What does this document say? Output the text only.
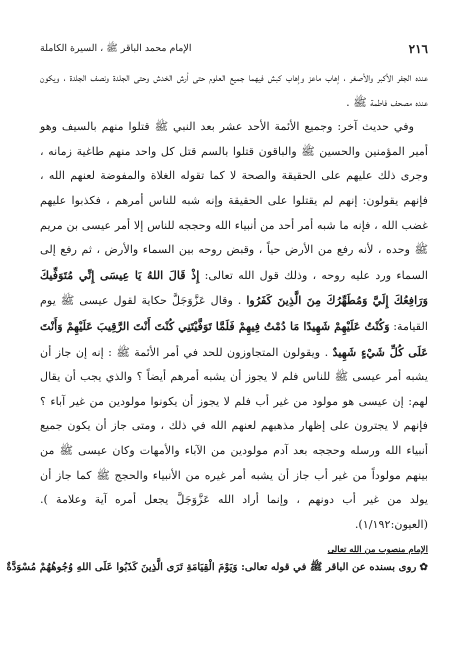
٢١٦
الإمام محمد الباقر ﷺ ، السيرة الكاملة

عنده الجفر الأكبر والأصغر ، إهاب ماعز وإهاب كبش فيهما جميع العلوم حتى أرش الخدش وحتى الجلدة ونصف الجلدة ، ويكون عنده مصحف فاطمة ﷺ .

وفي حديث آخر: وجميع الأئمة الأحد عشر بعد النبي ﷺ قتلوا منهم بالسيف وهو أمير المؤمنين والحسين ﷺ والباقون قتلوا بالسم قتل كل واحد منهم طاغية زمانه ، وجرى ذلك عليهم على الحقيقة والصحة لا كما تقوله الغلاة والمفوضة لعنهم الله ، فإنهم يقولون: إنهم لم يقتلوا على الحقيقة وإنه شبه للناس أمرهم ، فكذبوا عليهم غضب الله ، فإنه ما شبه أمر أحد من أنبياء الله وحججه للناس إلا أمر عيسى بن مريم ﷺ وحده ، لأنه رفع من الأرض حياً ، وقبض روحه بين السماء والأرض ، ثم رفع إلى السماء ورد عليه روحه ، وذلك قول الله تعالى: إِذْ قَالَ اللهُ يَا عِيسَى إِنِّي مُتَوَفِّيكَ وَرَافِعُكَ إِلَيَّ وَمُطَهِّرُكَ مِنَ الَّذِينَ كَفَرُوا . وقال عَزَّوَجَلَّ حكاية لقول عيسى ﷺ يوم القيامة: وَكُنْتُ عَلَيْهِمْ شَهِيدًا مَا دُمْتُ فِيهِمْ فَلَمَّا تَوَفَّيْتَنِي كُنْتَ أَنْتَ الرَّقِيبَ عَلَيْهِمْ وَأَنْتَ عَلَى كُلِّ شَيْءٍ شَهِيدٌ . ويقولون المتجاوزون للحد في أمر الأئمة ﷺ : إنه إن جاز أن يشبه أمر عيسى ﷺ للناس فلم لا يجوز أن يشبه أمرهم أيضاً ؟ والذي يجب أن يقال لهم: إن عيسى هو مولود من غير أب فلم لا يجوز أن يكونوا مولودين من غير آباء ؟ فإنهم لا يجترون على إظهار مذهبهم لعنهم الله في ذلك ، ومتى جاز أن يكون جميع أنبياء الله ورسله وحججه بعد آدم مولودين من الآباء والأمهات وكان عيسى ﷺ من بينهم مولوداً من غير أب جاز أن يشبه أمر غيره من الأنبياء والحجج ﷺ كما جاز أن يولد من غير أب دونهم ، وإنما أراد الله عَزَّوَجَلَّ يجعل أمره آية وعلامة ). (العيون:١/١٩٢).

الإمام منصوب من الله تعالى

✿روى بسنده عن الباقر ﷺ في قوله تعالى: وَيَوْمَ الْقِيَامَةِ تَرَى الَّذِينَ كَذَبُوا عَلَى اللهِ وُجُوهُهُمْ مُسْوَدَّةٌ
